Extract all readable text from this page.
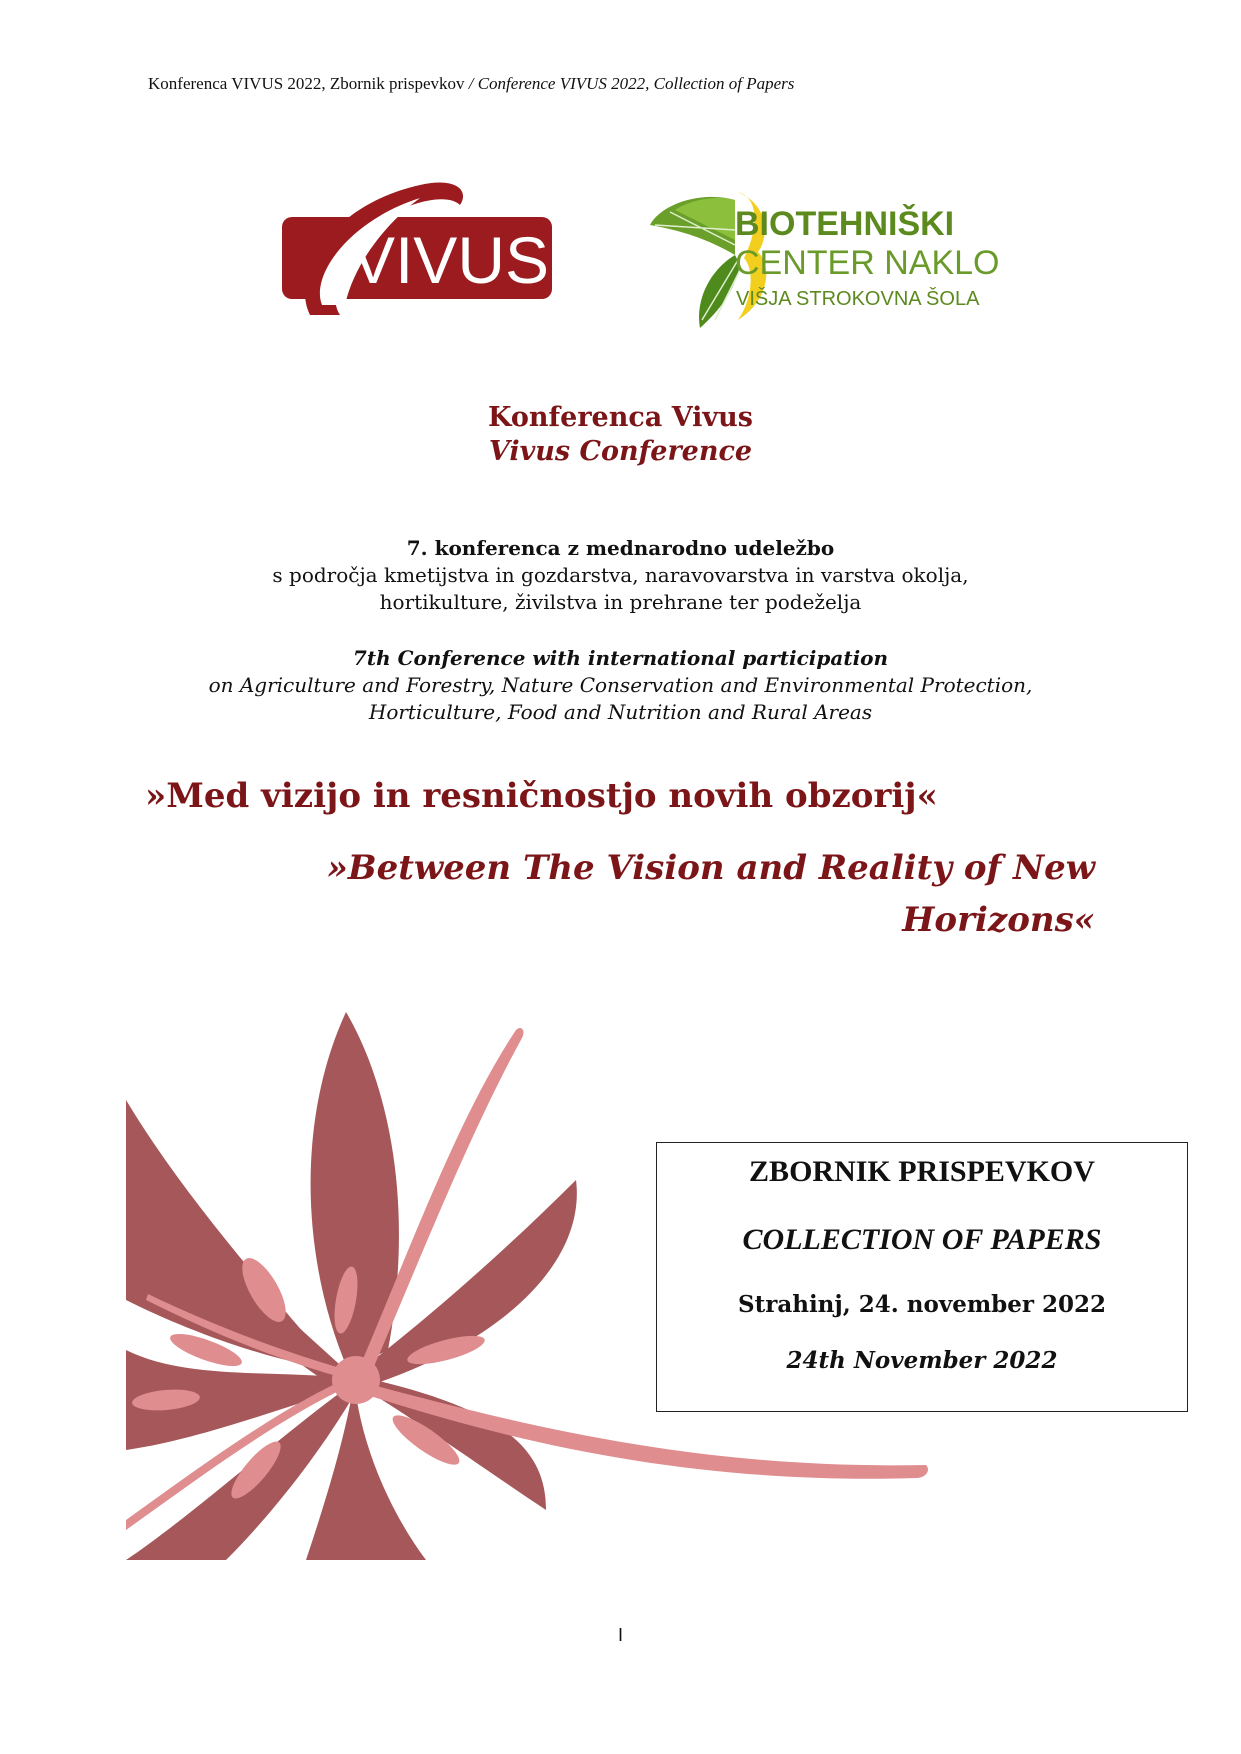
Konferenca VIVUS 2022, Zbornik prispevkov / Conference VIVUS 2022, Collection of Papers
VIVUS	BIOTEHNIŠKI
CENTER NAKLO
VIŠJA STROKOVNA ŠOLA
Konferenca Vivus
Vivus Conference
7. konferenca z mednarodno udeležbo
s področja kmetijstva in gozdarstva, naravovarstva in varstva okolja,
hortikulture, živilstva in prehrane ter podeželja
7th Conference with international participation
on Agriculture and Forestry, Nature Conservation and Environmental Protection,
Horticulture, Food and Nutrition and Rural Areas
»Med vizijo in resničnostjo novih obzorij«
»Between The Vision and Reality of New Horizons«
ZBORNIK PRISPEVKOV
COLLECTION OF PAPERS
Strahinj, 24. november 2022
24th November 2022
I
